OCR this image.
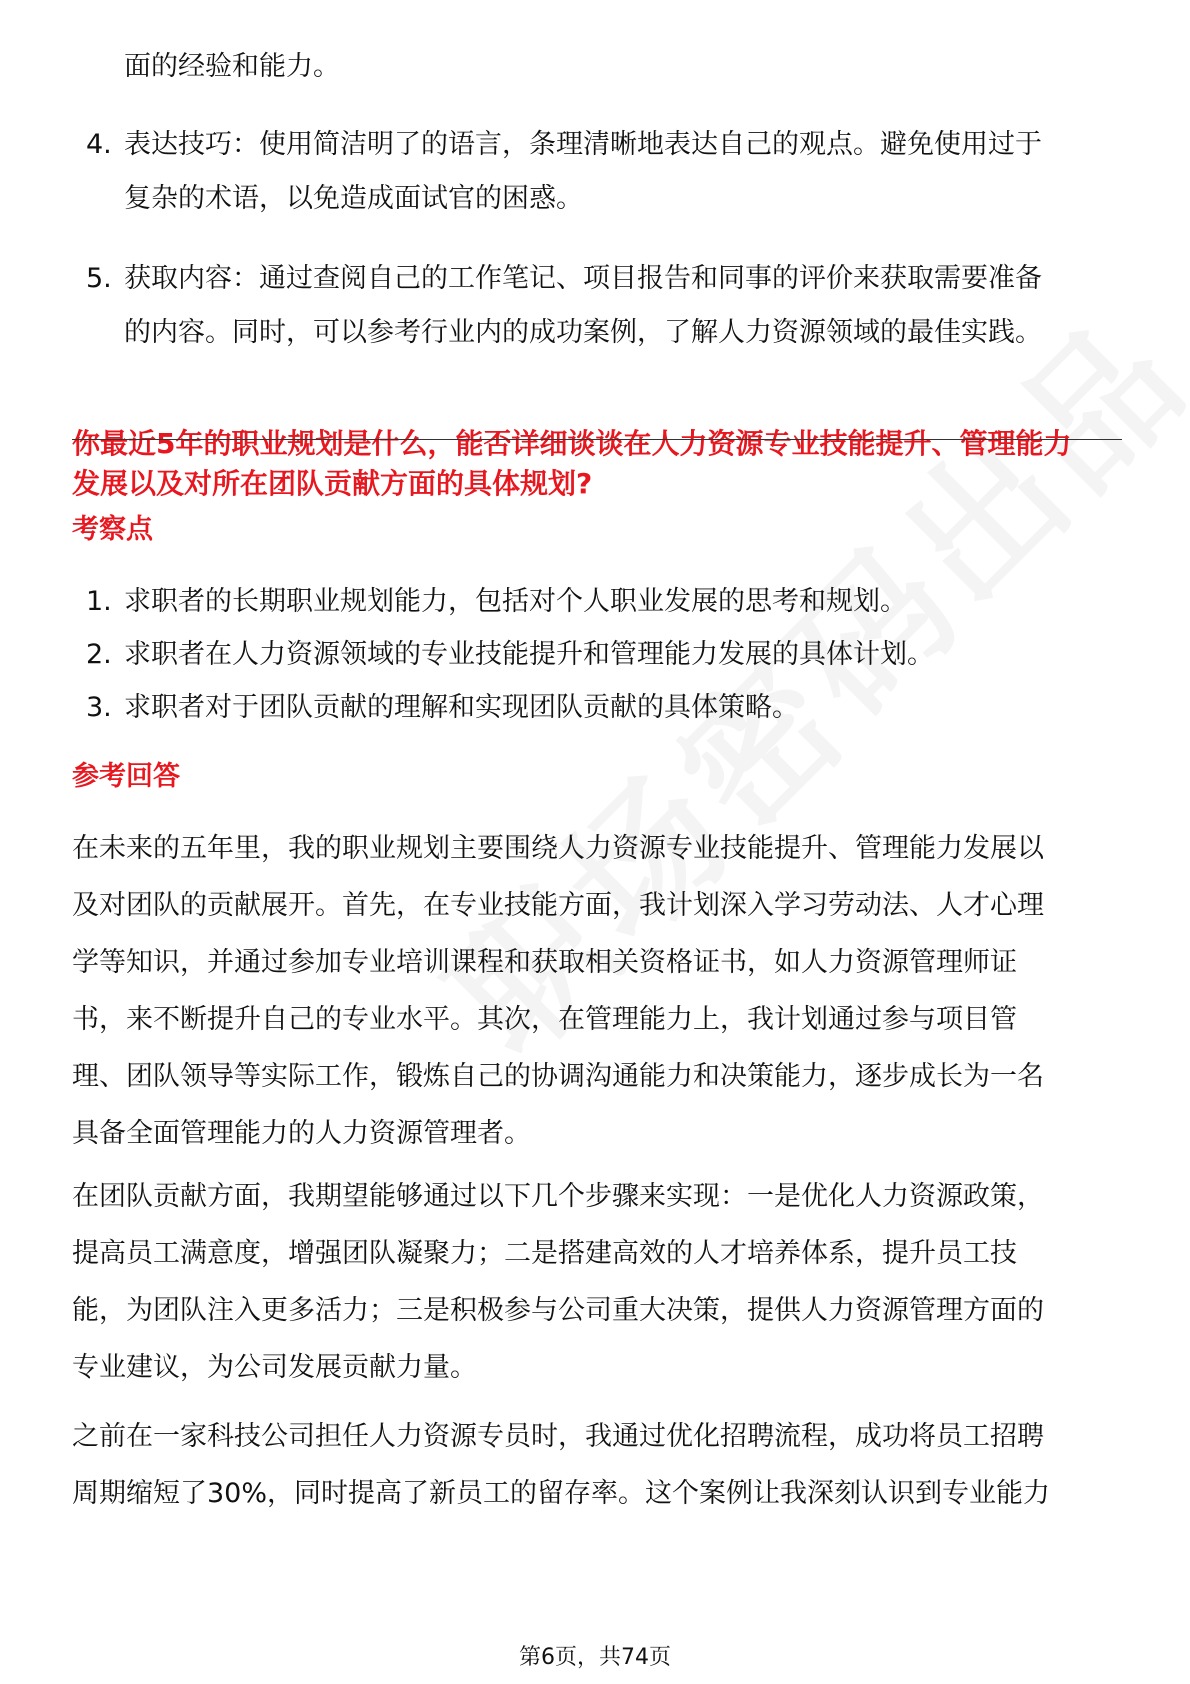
面的经验和能力。
4. 表达技巧：使用简洁明了的语言，条理清晰地表达自己的观点。避免使用过于
复杂的术语，以免造成面试官的困惑。
5. 获取内容：通过查阅自己的工作笔记、项目报告和同事的评价来获取需要准备
的内容。同时，可以参考行业内的成功案例，了解人力资源领域的最佳实践。
你最近5年的职业规划是什么，能否详细谈谈在人力资源专业技能提升、管理能力
发展以及对所在团队贡献方面的具体规划?
考察点
1. 求职者的长期职业规划能力，包括对个人职业发展的思考和规划。
2. 求职者在人力资源领域的专业技能提升和管理能力发展的具体计划。
3. 求职者对于团队贡献的理解和实现团队贡献的具体策略。
参考回答
在未来的五年里，我的职业规划主要围绕人力资源专业技能提升、管理能力发展以
及对团队的贡献展开。首先，在专业技能方面，我计划深入学习劳动法、人才心理
学等知识，并通过参加专业培训课程和获取相关资格证书，如人力资源管理师证
书，来不断提升自己的专业水平。其次，在管理能力上，我计划通过参与项目管
理、团队领导等实际工作，锻炼自己的协调沟通能力和决策能力，逐步成长为一名
具备全面管理能力的人力资源管理者。
在团队贡献方面，我期望能够通过以下几个步骤来实现：一是优化人力资源政策，
提高员工满意度，增强团队凝聚力；二是搭建高效的人才培养体系，提升员工技
能，为团队注入更多活力；三是积极参与公司重大决策，提供人力资源管理方面的
专业建议，为公司发展贡献力量。
之前在一家科技公司担任人力资源专员时，我通过优化招聘流程，成功将员工招聘
周期缩短了30%，同时提高了新员工的留存率。这个案例让我深刻认识到专业能力
第6页，共74页
